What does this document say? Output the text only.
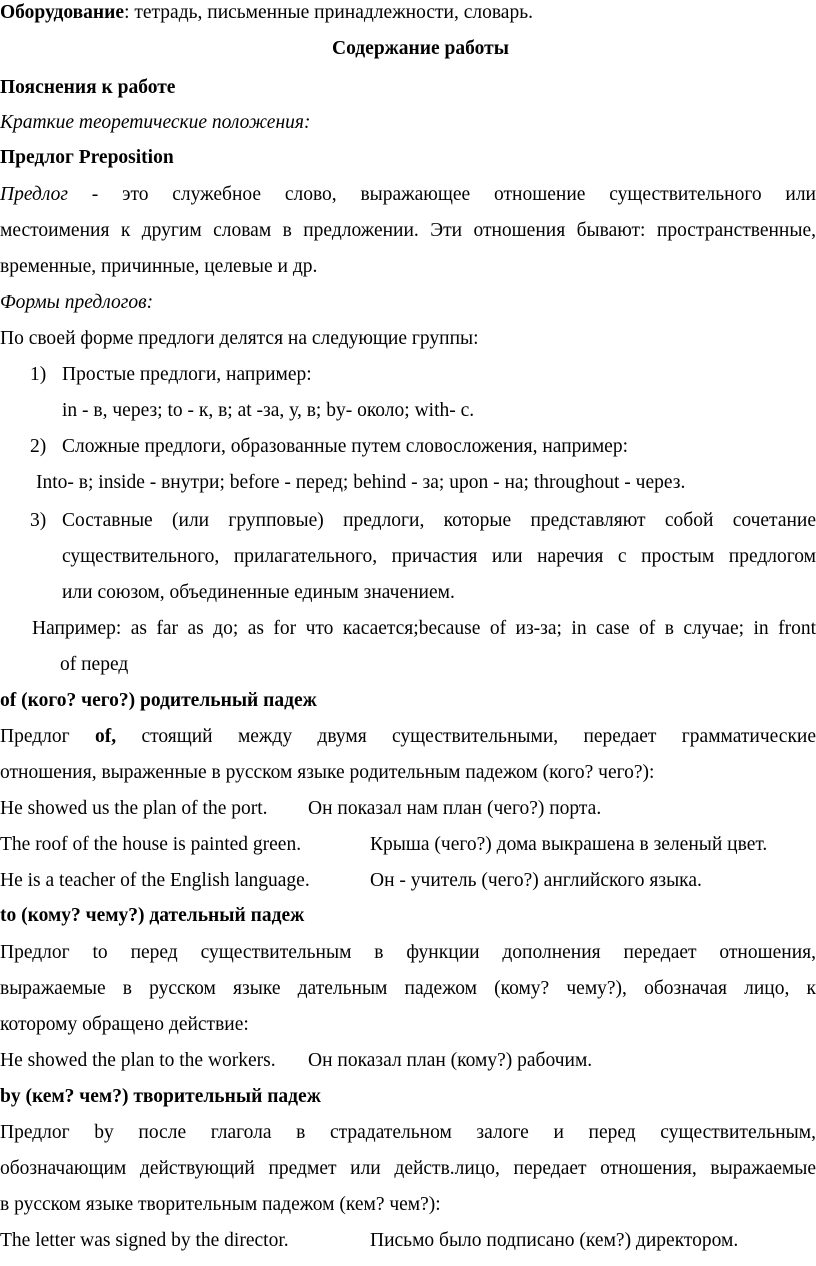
Оборудование: тетрадь, письменные принадлежности, словарь.
Содержание работы
Пояснения к работе
Краткие теоретические положения:
Предлог Preposition
Предлог - это служебное слово, выражающее отношение существительного или
местоимения к другим словам в предложении. Эти отношения бывают: пространственные,
временные, причинные, целевые и др.
Формы предлогов:
По своей форме предлоги делятся на следующие группы:
1) Простые предлоги, например:
in - в, через; to - к, в; at -за, у, в; by- около; with- с.
2) Сложные предлоги, образованные путем словосложения, например:
Into- в; inside - внутри; before - перед; behind - за; upon - на; throughout - через.
3) Составные (или групповые) предлоги, которые представляют собой сочетание
существительного, прилагательного, причастия или наречия с простым предлогом
или союзом, объединенные единым значением.
Например: as far as до; as for что касается;because of из-за; in case of в случае; in front
of перед
of (кого? чего?) родительный падеж
Предлог of, стоящий между двумя существительными, передает грамматические
отношения, выраженные в русском языке родительным падежом (кого? чего?):
He showed us the plan of the port. Он показал нам план (чего?) порта.
The roof of the house is painted green.	Крыша (чего?) дома выкрашена в зеленый цвет.
He is a teacher of the English language.	Он - учитель (чего?) английского языка.
to (кому? чему?) дательный падеж
Предлог to перед существительным в функции дополнения передает отношения,
выражаемые в русском языке дательным падежом (кому? чему?), обозначая лицо, к
которому обращено действие:
He showed the plan to the workers. Он показал план (кому?) рабочим.
by (кем? чем?) творительный падеж
Предлог by после глагола в страдательном залоге и перед существительным,
обозначающим действующий предмет или действ.лицо, передает отношения, выражаемые
в русском языке творительным падежом (кем? чем?):
The letter was signed by the director.	Письмо было подписано (кем?) директором.
